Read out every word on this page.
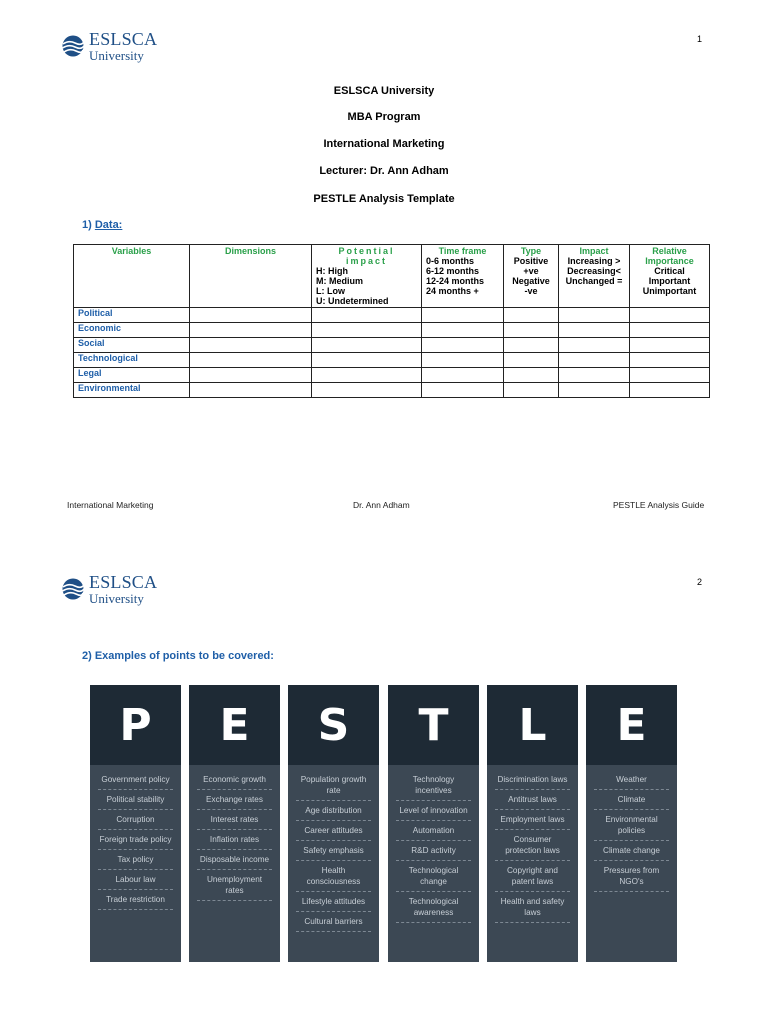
ESLSCA
University
1
ESLSCA University
MBA Program
International Marketing
Lecturer: Dr. Ann Adham
PESTLE Analysis Template
1) Data:
Variables	Dimensions	Potential impact
H: High
M: Medium
L: Low
U: Undetermined	Time frame
0-6 months
6-12 months
12-24 months
24 months +	Type
Positive
+ve
Negative
-ve	Impact
Increasing >
Decreasing<
Unchanged =	Relative Importance
Critical
Important
Unimportant

Political						
Economic						
Social						
Technological						
Legal						
Environmental						
International Marketing	Dr. Ann Adham	PESTLE Analysis Guide
ESLSCA
University
2
2) Examples of points to be covered:
P
Government policy
Political stability
Corruption
Foreign trade policy
Tax policy
Labour law
Trade restriction
E
Economic growth
Exchange rates
Interest rates
Inflation rates
Disposable income
Unemployment rates
S
Population growth rate
Age distribution
Career attitudes
Safety emphasis
Health consciousness
Lifestyle attitudes
Cultural barriers
T
Technology incentives
Level of innovation
Automation
R&D activity
Technological change
Technological awareness
L
Discrimination laws
Antitrust laws
Employment laws
Consumer protection laws
Copyright and patent laws
Health and safety laws
E
Weather
Climate
Environmental policies
Climate change
Pressures from NGO's
